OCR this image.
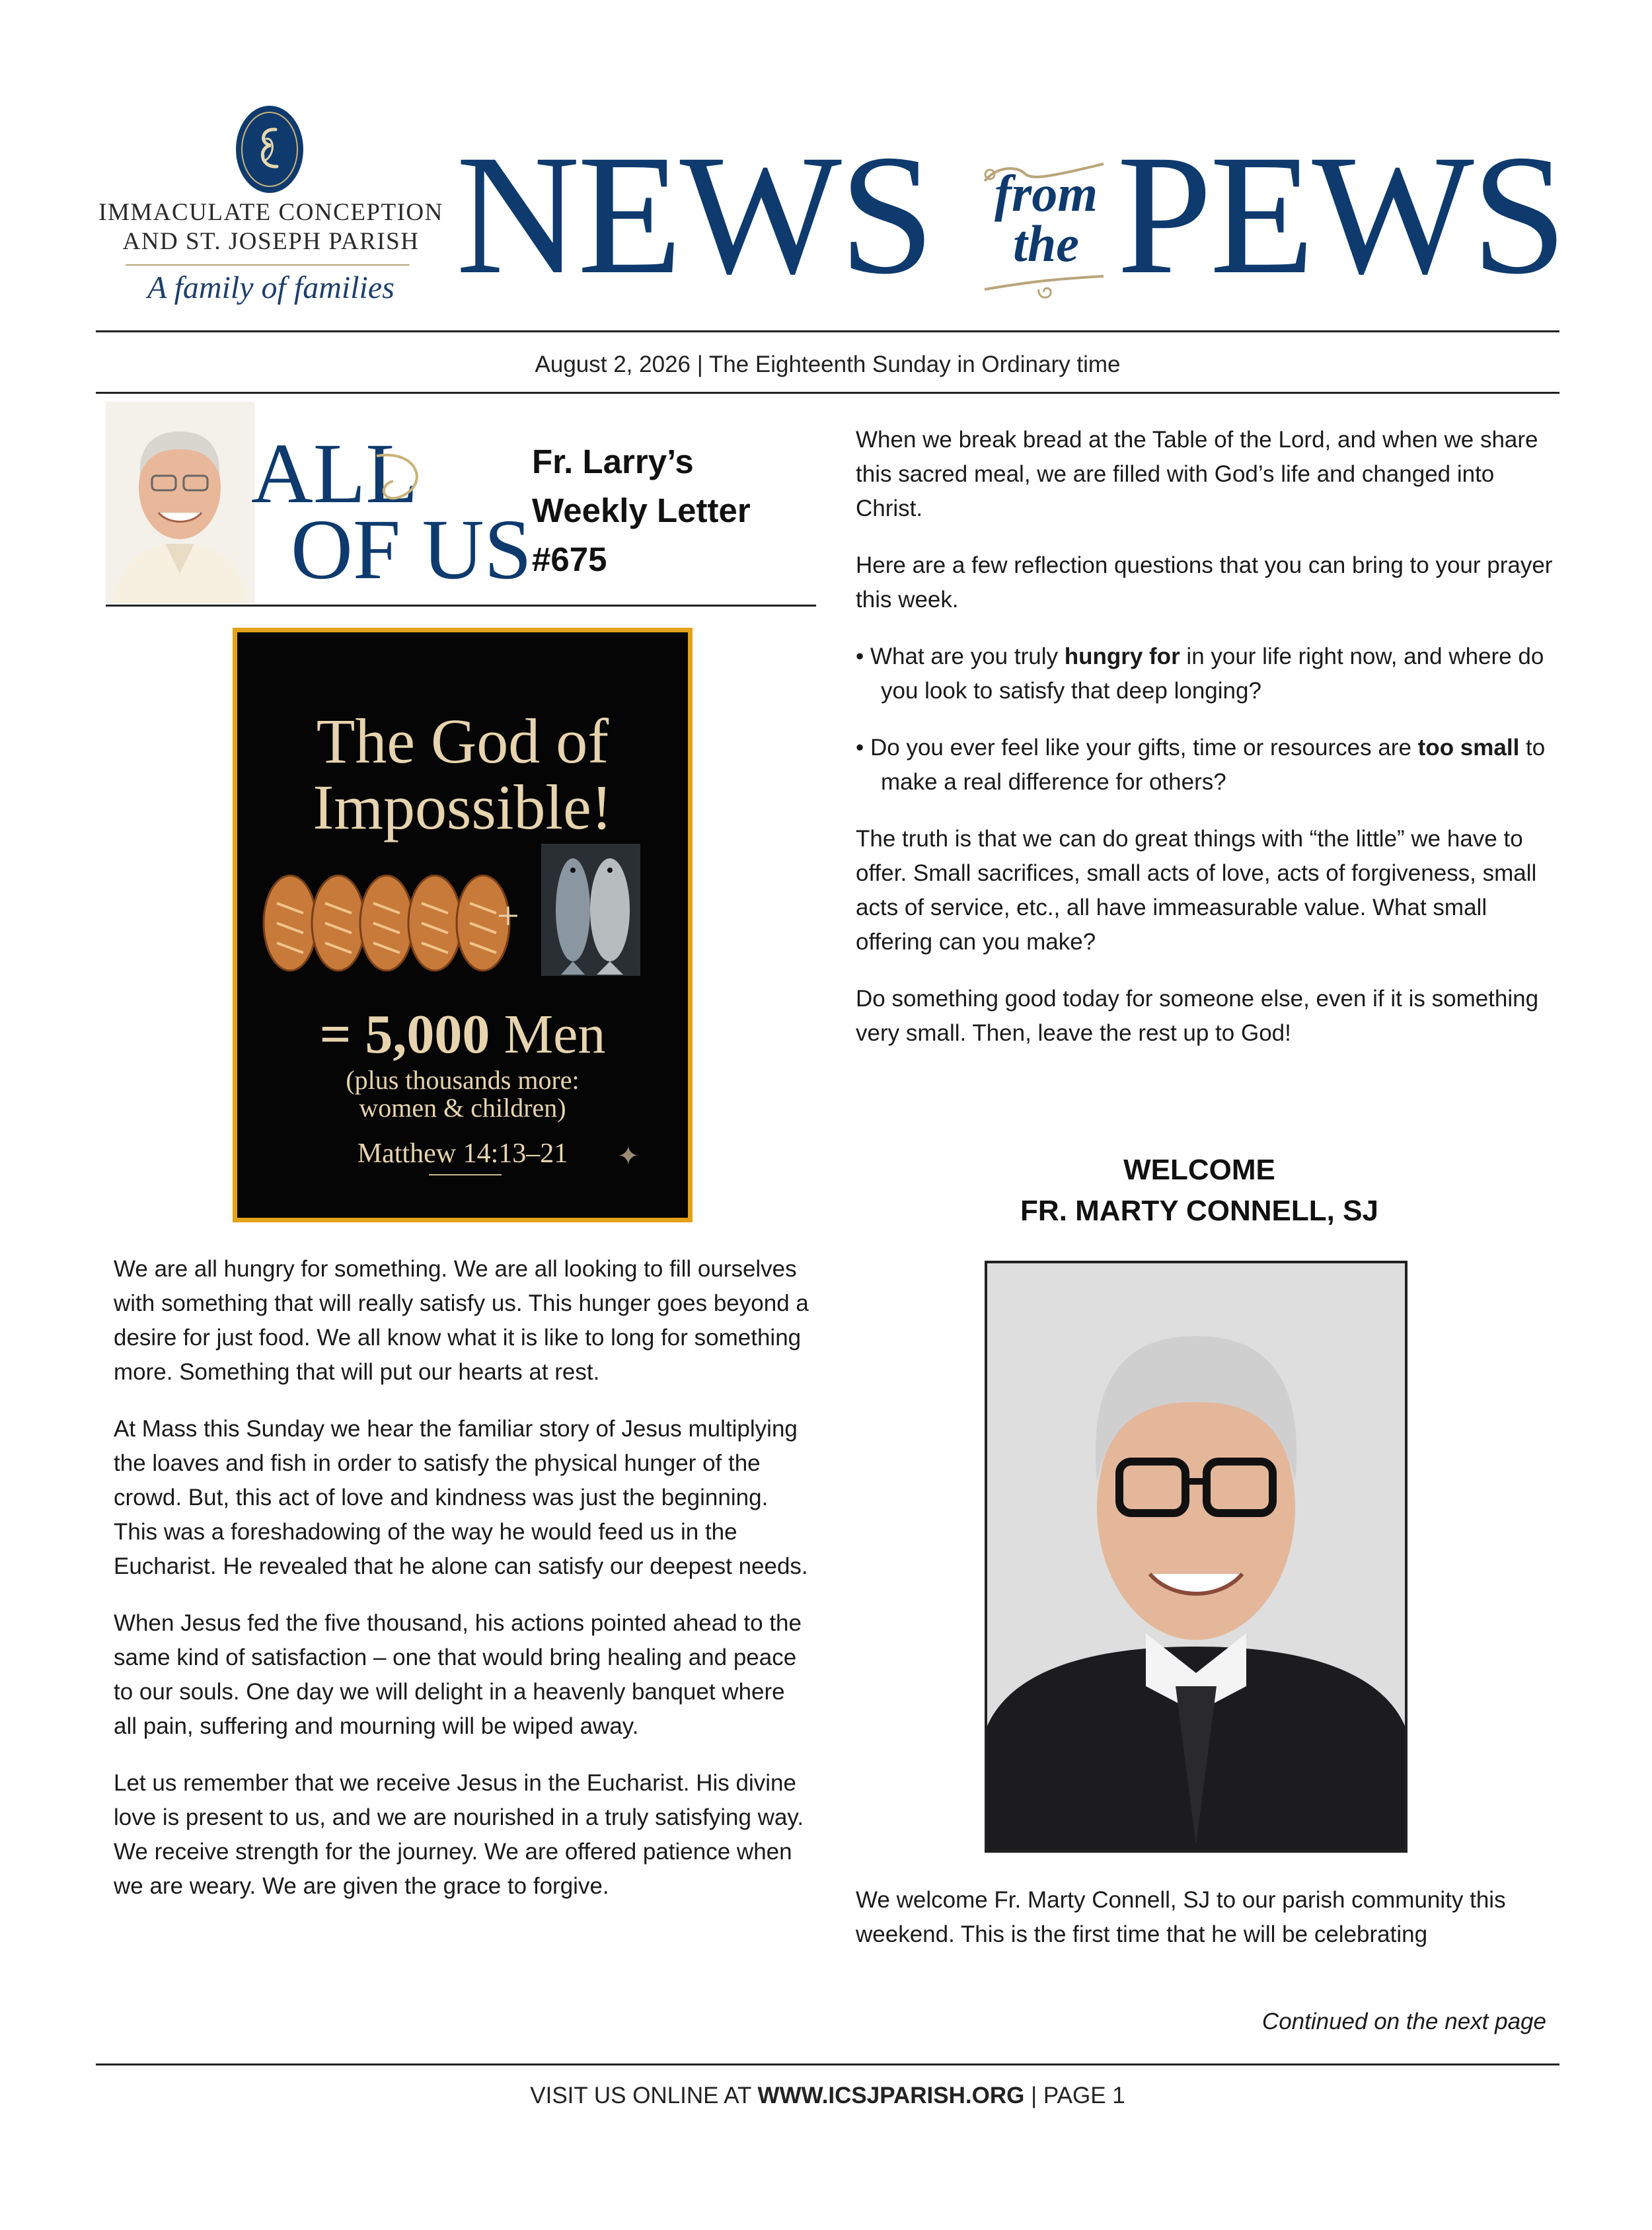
IMMACULATE CONCEPTION
AND ST. JOSEPH PARISH
A family of families NEWS from
the PEWS
August 2, 2026 | The Eighteenth Sunday in Ordinary time
ALL
OF US
Fr. Larry’s
Weekly Letter
#675
The God of
Impossible!
+
= 5,000 Men
(plus thousands more:
women & children)
Matthew 14:13–21	✦

We are all hungry for something. We are all looking to fill ourselves with something that will really satisfy us. This hunger goes beyond a desire for just food. We all know what it is like to long for something more. Something that will put our hearts at rest.

At Mass this Sunday we hear the familiar story of Jesus multiplying the loaves and fish in order to satisfy the physical hunger of the crowd. But, this act of love and kindness was just the beginning. This was a foreshadowing of the way he would feed us in the Eucharist. He revealed that he alone can satisfy our deepest needs.

When Jesus fed the five thousand, his actions pointed ahead to the same kind of satisfaction – one that would bring healing and peace to our souls. One day we will delight in a heavenly banquet where all pain, suffering and mourning will be wiped away.

Let us remember that we receive Jesus in the Eucharist. His divine love is present to us, and we are nourished in a truly satisfying way. We receive strength for the journey. We are offered patience when we are weary. We are given the grace to forgive.

When we break bread at the Table of the Lord, and when we share this sacred meal, we are filled with God’s life and changed into Christ.

Here are a few reflection questions that you can bring to your prayer this week.

• What are you truly hungry for in your life right now, and where do you look to satisfy that deep longing?

• Do you ever feel like your gifts, time or resources are too small to make a real difference for others?

The truth is that we can do great things with “the little” we have to offer. Small sacrifices, small acts of love, acts of forgiveness, small acts of service, etc., all have immeasurable value. What small offering can you make?

Do something good today for someone else, even if it is something very small. Then, leave the rest up to God!

WELCOME
FR. MARTY CONNELL, SJ
We welcome Fr. Marty Connell, SJ to our parish community this weekend. This is the first time that he will be celebrating
Continued on the next page
VISIT US ONLINE AT WWW.ICSJPARISH.ORG | PAGE 1
